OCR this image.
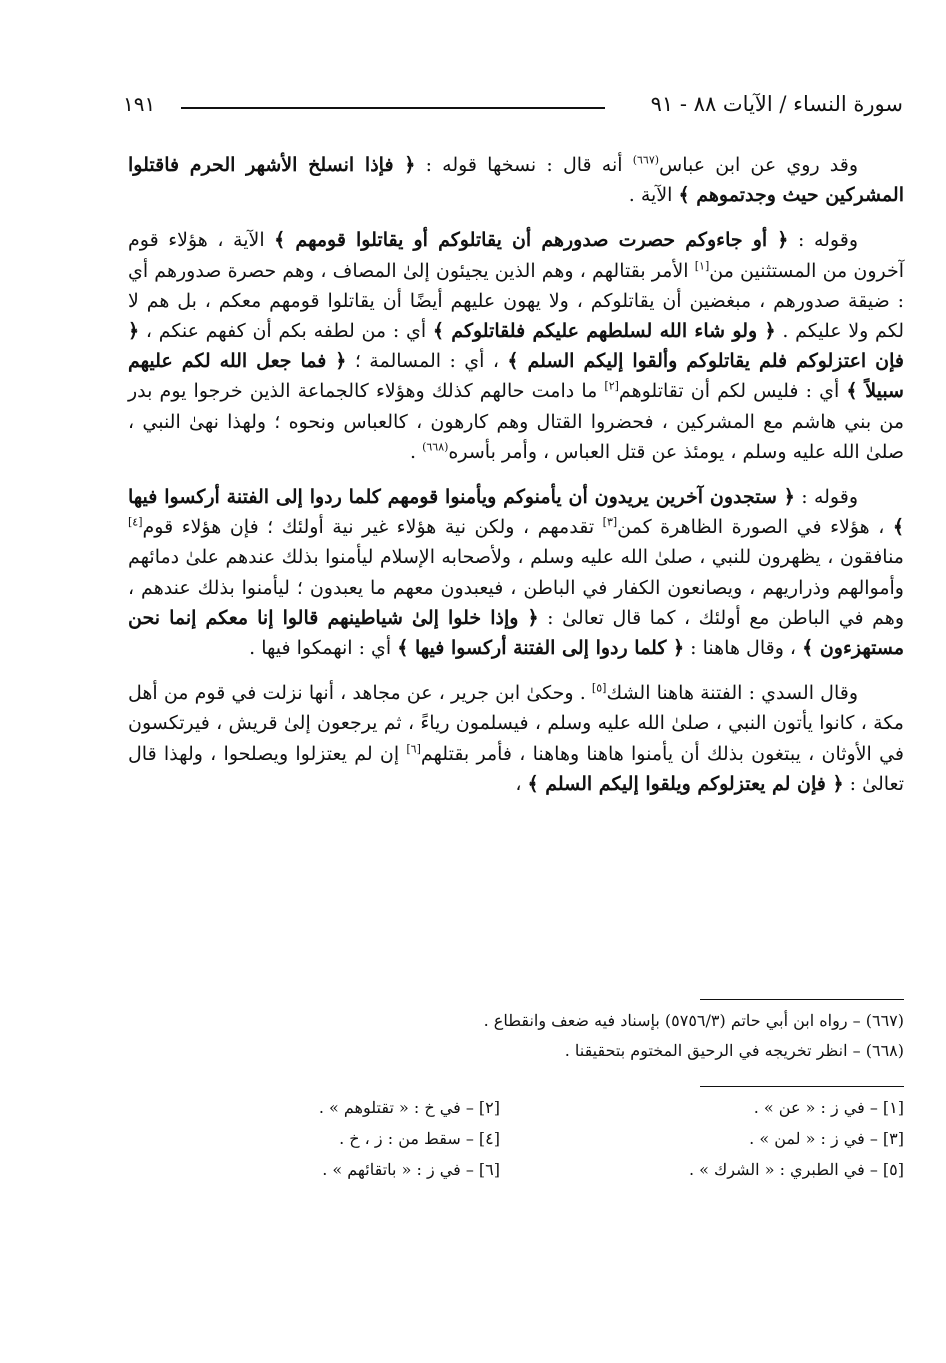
١٩١	سورة النساء / الآيات ٨٨ - ٩١

وقد روي عن ابن عباس$^{(٦٦٧)}$ أنه قال : نسخها قوله : ﴿ فإذا انسلخ الأشهر الحرم فاقتلوا المشركين حيث وجدتموهم ﴾ الآية .

وقوله : ﴿ أو جاءوكم حصرت صدورهم أن يقاتلوكم أو يقاتلوا قومهم ﴾ الآية ، هؤلاء قوم آخرون من المستثنين من[١] الأمر بقتالهم ، وهم الذين يجيئون إلىٰ المصاف ، وهم حصرة صدورهم أي : ضيقة صدورهم ، مبغضين أن يقاتلوكم ، ولا يهون عليهم أيضًا أن يقاتلوا قومهم معكم ، بل هم لا لكم ولا عليكم . ﴿ ولو شاء الله لسلطهم عليكم فلقاتلوكم ﴾ أي : من لطفه بكم أن كفهم عنكم ، ﴿ فإن اعتزلوكم فلم يقاتلوكم وألقوا إليكم السلم ﴾ ، أي : المسالمة ؛ ﴿ فما جعل الله لكم عليهم سبيلاً ﴾ أي : فليس لكم أن تقاتلوهم[٢] ما دامت حالهم كذلك وهؤلاء كالجماعة الذين خرجوا يوم بدر من بني هاشم مع المشركين ، فحضروا القتال وهم كارهون ، كالعباس ونحوه ؛ ولهذا نهىٰ النبي ، صلىٰ الله عليه وسلم ، يومئذ عن قتل العباس ، وأمر بأسره$^{(٦٦٨)}$ .

وقوله : ﴿ ستجدون آخرين يريدون أن يأمنوكم ويأمنوا قومهم كلما ردوا إلى الفتنة أركسوا فيها ﴾ ، هؤلاء في الصورة الظاهرة كمن[٣] تقدمهم ، ولكن نية هؤلاء غير نية أولئك ؛ فإن هؤلاء قوم[٤] منافقون ، يظهرون للنبي ، صلىٰ الله عليه وسلم ، ولأصحابه الإسلام ليأمنوا بذلك عندهم علىٰ دمائهم وأموالهم وذراريهم ، ويصانعون الكفار في الباطن ، فيعبدون معهم ما يعبدون ؛ ليأمنوا بذلك عندهم ، وهم في الباطن مع أولئك ، كما قال تعالىٰ : ﴿ وإذا خلوا إلىٰ شياطينهم قالوا إنا معكم إنما نحن مستهزءون ﴾ ، وقال هاهنا : ﴿ كلما ردوا إلى الفتنة أركسوا فيها ﴾ أي : انهمكوا فيها .

وقال السدي : الفتنة هاهنا الشك[٥] . وحكىٰ ابن جرير ، عن مجاهد ، أنها نزلت في قوم من أهل مكة ، كانوا يأتون النبي ، صلىٰ الله عليه وسلم ، فيسلمون رياءً ، ثم يرجعون إلىٰ قريش ، فيرتكسون في الأوثان ، يبتغون بذلك أن يأمنوا هاهنا وهاهنا ، فأمر بقتلهم[٦] إن لم يعتزلوا ويصلحوا ، ولهذا قال تعالىٰ : ﴿ فإن لم يعتزلوكم ويلقوا إليكم السلم ﴾ ،

(٦٦٧) – رواه ابن أبي حاتم (٥٧٥٦/٣) بإسناد فيه ضعف وانقطاع .
(٦٦٨) – انظر تخريجه في الرحيق المختوم بتحقيقنا .
[١] – في ز : « عن » .
[٢] – في خ : « تقتلوهم » .
[٣] – في ز : « لمن » .
[٤] – سقط من : ز ، خ .
[٥] – في الطبري : « الشرك » .
[٦] – في ز : « باتقائهم » .
